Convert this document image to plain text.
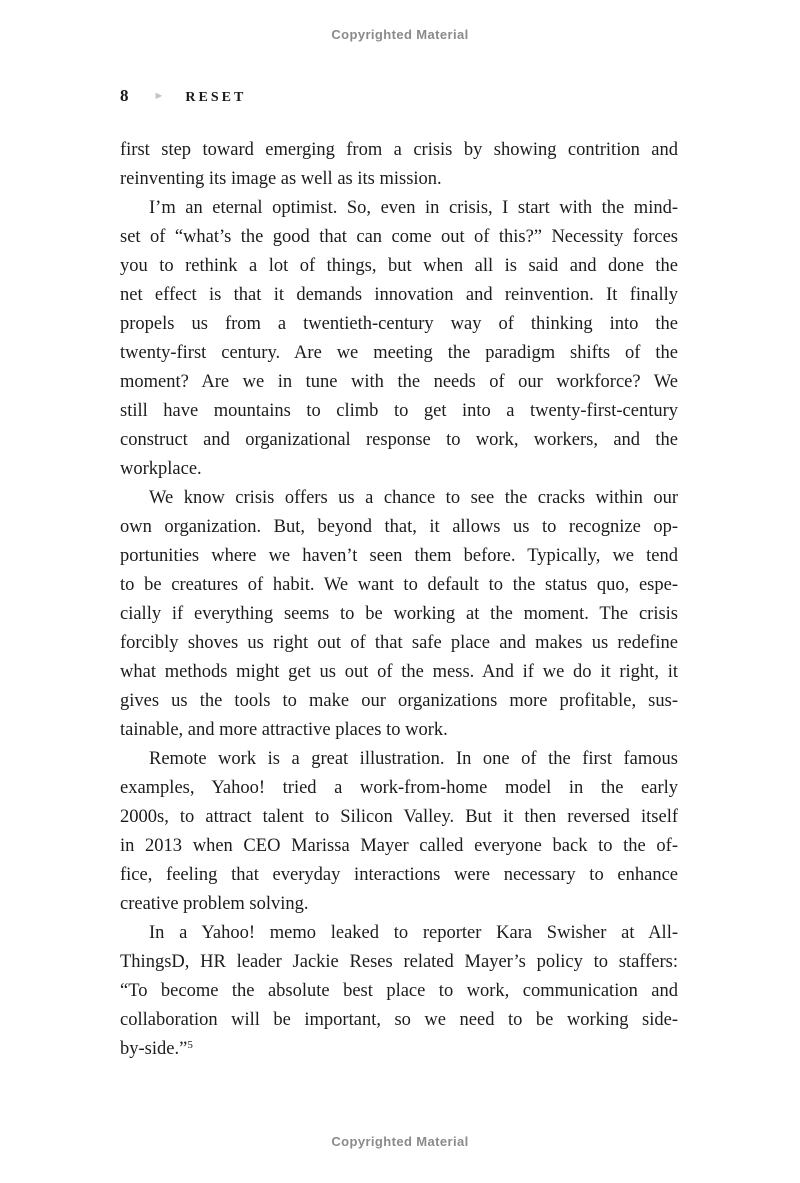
Copyrighted Material
8 ► RESET
first step toward emerging from a crisis by showing contrition and
reinventing its image as well as its mission.
I’m an eternal optimist. So, even in crisis, I start with the mind-
set of “what’s the good that can come out of this?” Necessity forces
you to rethink a lot of things, but when all is said and done the
net effect is that it demands innovation and reinvention. It finally
propels us from a twentieth-century way of thinking into the
twenty-first century. Are we meeting the paradigm shifts of the
moment? Are we in tune with the needs of our workforce? We
still have mountains to climb to get into a twenty-first-century
construct and organizational response to work, workers, and the
workplace.
We know crisis offers us a chance to see the cracks within our
own organization. But, beyond that, it allows us to recognize op-
portunities where we haven’t seen them before. Typically, we tend
to be creatures of habit. We want to default to the status quo, espe-
cially if everything seems to be working at the moment. The crisis
forcibly shoves us right out of that safe place and makes us redefine
what methods might get us out of the mess. And if we do it right, it
gives us the tools to make our organizations more profitable, sus-
tainable, and more attractive places to work.
Remote work is a great illustration. In one of the first famous
examples, Yahoo! tried a work-from-home model in the early
2000s, to attract talent to Silicon Valley. But it then reversed itself
in 2013 when CEO Marissa Mayer called everyone back to the of-
fice, feeling that everyday interactions were necessary to enhance
creative problem solving.
In a Yahoo! memo leaked to reporter Kara Swisher at All-
ThingsD, HR leader Jackie Reses related Mayer’s policy to staffers:
“To become the absolute best place to work, communication and
collaboration will be important, so we need to be working side-
by-side.”$^5$
Copyrighted Material
